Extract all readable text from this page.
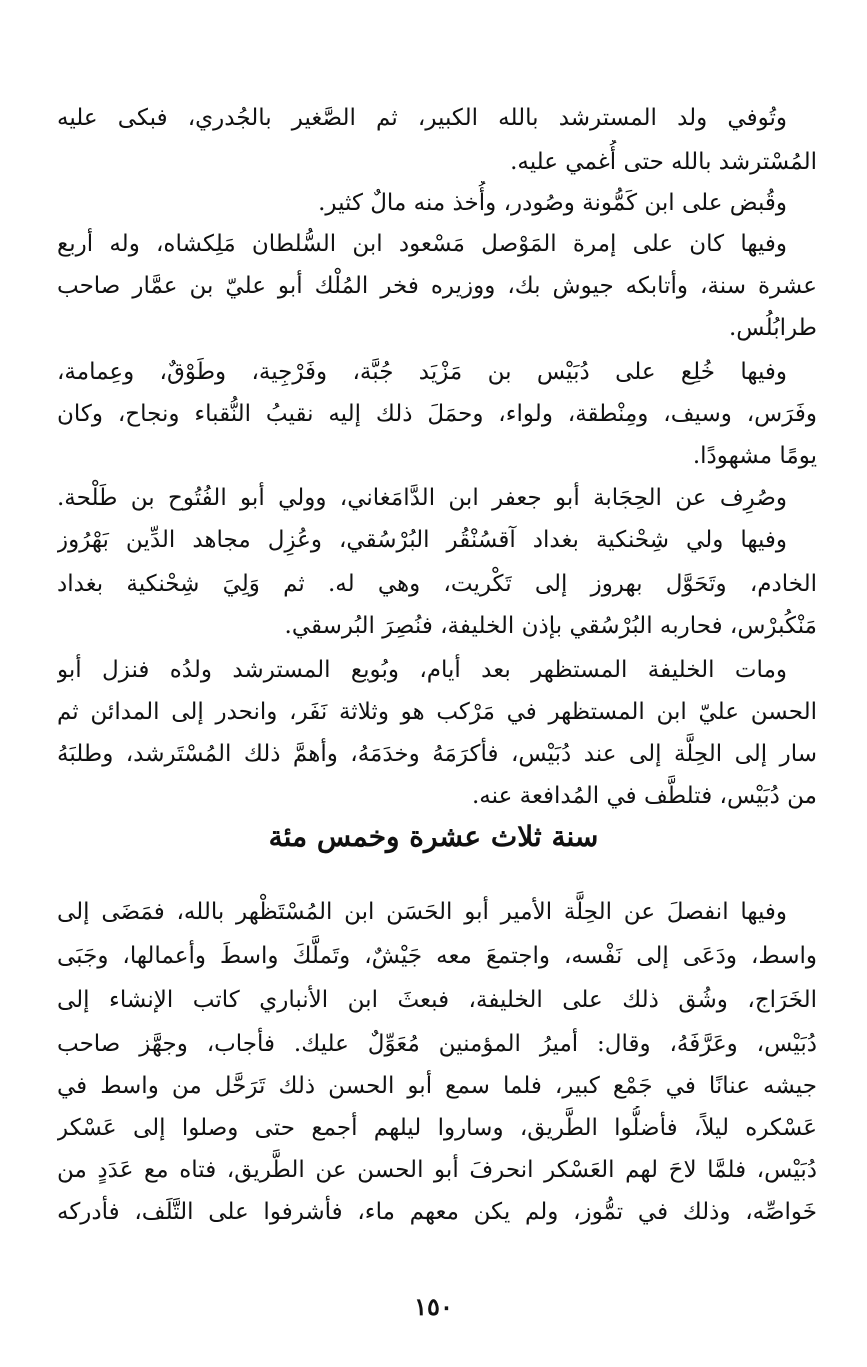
وتُوفي ولد المسترشد بالله الكبير، ثم الصَّغير بالجُدري، فبكى عليه
المُسْترشد بالله حتى أُغمي عليه.
وقُبض على ابن كَمُّونة وصُودر، وأُخذ منه مالٌ كثير.
وفيها كان على إمرة المَوْصل مَسْعود ابن السُّلطان مَلِكشاه، وله أربع
عشرة سنة، وأتابكه جيوش بك، ووزيره فخر المُلْك أبو عليّ بن عمَّار صاحب
طرابُلُس.
وفيها خُلِع على دُبَيْس بن مَزْيَد جُبَّة، وفَرْجِية، وطَوْقٌ، وعِمامة،
وفَرَس، وسيف، ومِنْطقة، ولواء، وحمَلَ ذلك إليه نقيبُ النُّقباء ونجاح، وكان
يومًا مشهودًا.
وصُرِف عن الحِجَابة أبو جعفر ابن الدَّامَغاني، وولي أبو الفُتُوح بن طَلْحة.
وفيها ولي شِحْنكية بغداد آقسُنْقُر البُرْسُقي، وعُزِل مجاهد الدِّين بَهْرُوز
الخادم، وتَحَوَّل بهروز إلى تَكْريت، وهي له. ثم وَلِيَ شِحْنكية بغداد
مَنْكُبرْس، فحاربه البُرْسُقي بإذن الخليفة، فنُصِرَ البُرسقي.
ومات الخليفة المستظهر بعد أيام، وبُويع المسترشد ولدُه فنزل أبو
الحسن عليّ ابن المستظهر في مَرْكب هو وثلاثة نَفَر، وانحدر إلى المدائن ثم
سار إلى الحِلَّة إلى عند دُبَيْس، فأكرَمَهُ وخدَمَهُ، وأهمَّ ذلك المُسْتَرشد، وطلبَهُ
من دُبَيْس، فتلطَّف في المُدافعة عنه.
سنة ثلاث عشرة وخمس مئة
وفيها انفصلَ عن الحِلَّة الأمير أبو الحَسَن ابن المُسْتَظْهر بالله، فمَضَى إلى
واسط، ودَعَى إلى نَفْسه، واجتمعَ معه جَيْشٌ، وتَملَّكَ واسطَ وأعمالها، وجَبَى
الخَرَاج، وشُق ذلك على الخليفة، فبعثَ ابن الأنباري كاتب الإنشاء إلى
دُبَيْس، وعَرَّفَهُ، وقال: أميرُ المؤمنين مُعَوِّلٌ عليك. فأجاب، وجهَّز صاحب
جيشه عنانًا في جَمْع كبير، فلما سمع أبو الحسن ذلك تَرَحَّل من واسط في
عَسْكره ليلاً، فأضلُّوا الطَّريق، وساروا ليلهم أجمع حتى وصلوا إلى عَسْكر
دُبَيْس، فلمَّا لاحَ لهم العَسْكر انحرفَ أبو الحسن عن الطَّريق، فتاه مع عَدَدٍ من
خَواصِّه، وذلك في تمُّوز، ولم يكن معهم ماء، فأشرفوا على التَّلَف، فأدركه
١٥٠
